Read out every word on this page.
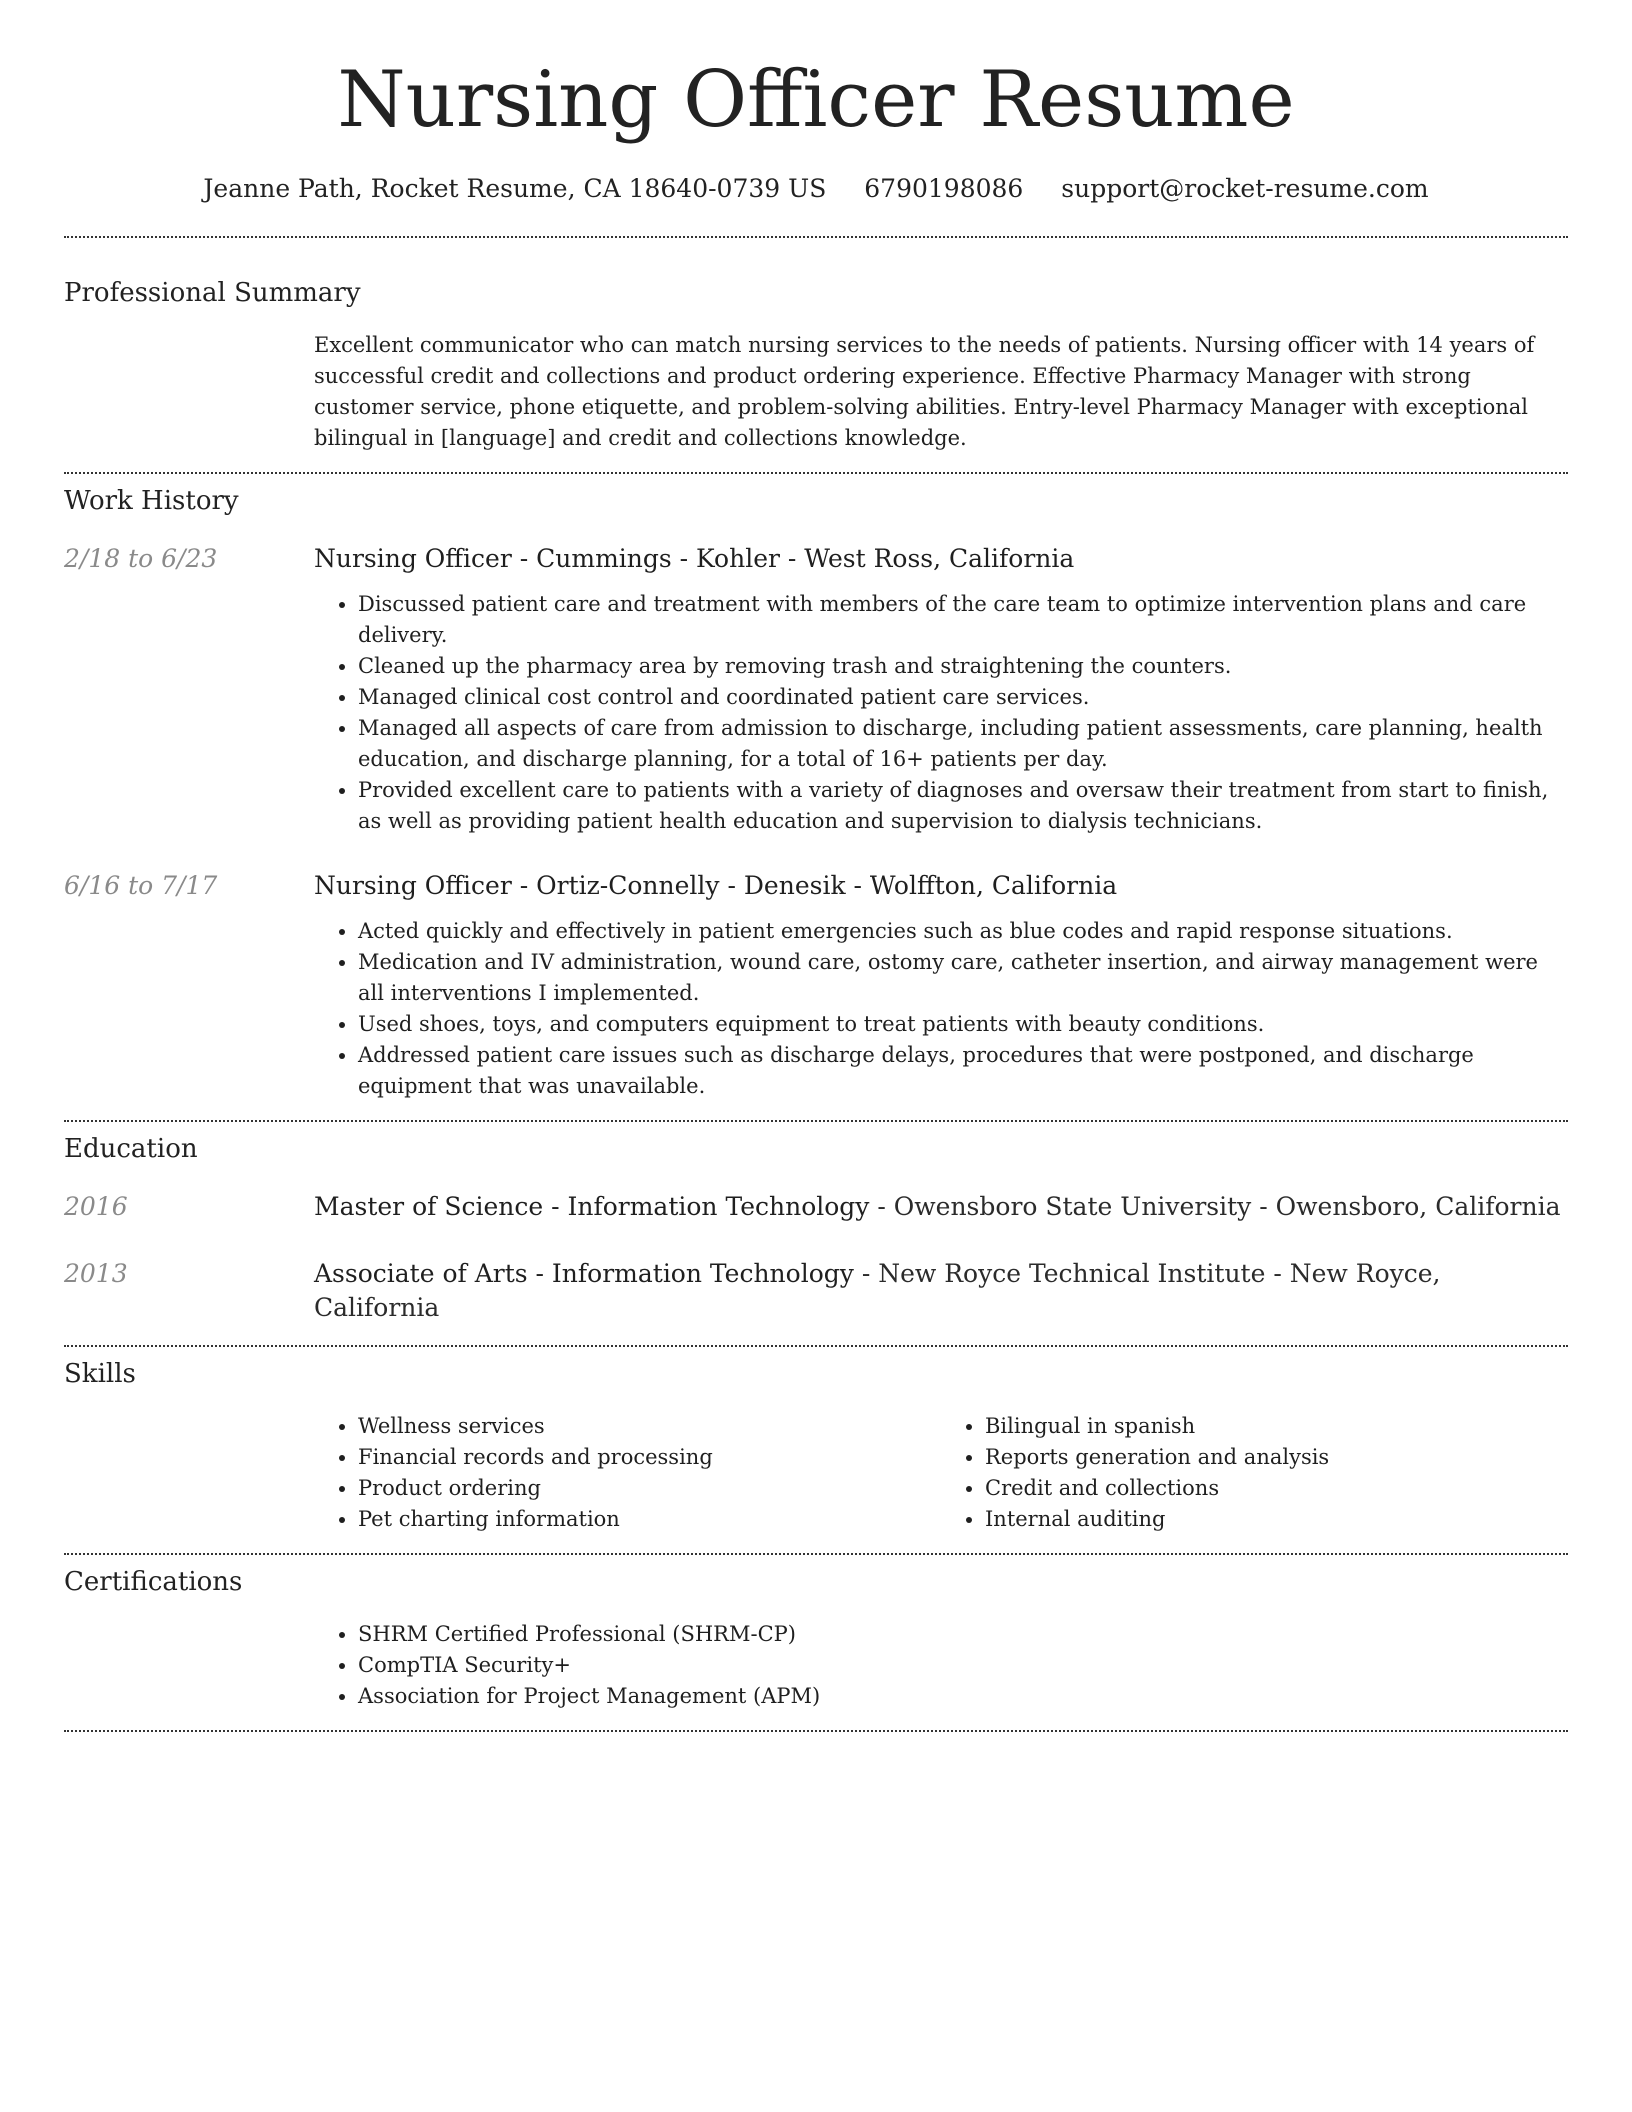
Nursing Officer Resume
Jeanne Path, Rocket Resume, CA 18640-0739 US 6790198086 support@rocket-resume.com
Professional Summary

Excellent communicator who can match nursing services to the needs of patients. Nursing officer with 14 years of successful credit and collections and product ordering experience. Effective Pharmacy Manager with strong customer service, phone etiquette, and problem-solving abilities. Entry-level Pharmacy Manager with exceptional bilingual in [language] and credit and collections knowledge.

Work History
2/18 to 6/23	Nursing Officer - Cummings - Kohler - West Ross, California
• Discussed patient care and treatment with members of the care team to optimize intervention plans and care delivery.
• Cleaned up the pharmacy area by removing trash and straightening the counters.
• Managed clinical cost control and coordinated patient care services.
• Managed all aspects of care from admission to discharge, including patient assessments, care planning, health education, and discharge planning, for a total of 16+ patients per day.
• Provided excellent care to patients with a variety of diagnoses and oversaw their treatment from start to finish, as well as providing patient health education and supervision to dialysis technicians.
6/16 to 7/17	Nursing Officer - Ortiz-Connelly - Denesik - Wolffton, California
• Acted quickly and effectively in patient emergencies such as blue codes and rapid response situations.
• Medication and IV administration, wound care, ostomy care, catheter insertion, and airway management were all interventions I implemented.
• Used shoes, toys, and computers equipment to treat patients with beauty conditions.
• Addressed patient care issues such as discharge delays, procedures that were postponed, and discharge equipment that was unavailable.
Education
2016	Master of Science - Information Technology - Owensboro State University - Owensboro, California
2013	Associate of Arts - Information Technology - New Royce Technical Institute - New Royce, California
Skills
• Wellness services
• Financial records and processing
• Product ordering
• Pet charting information
• Bilingual in spanish
• Reports generation and analysis
• Credit and collections
• Internal auditing
Certifications
• SHRM Certified Professional (SHRM-CP)
• CompTIA Security+
• Association for Project Management (APM)
